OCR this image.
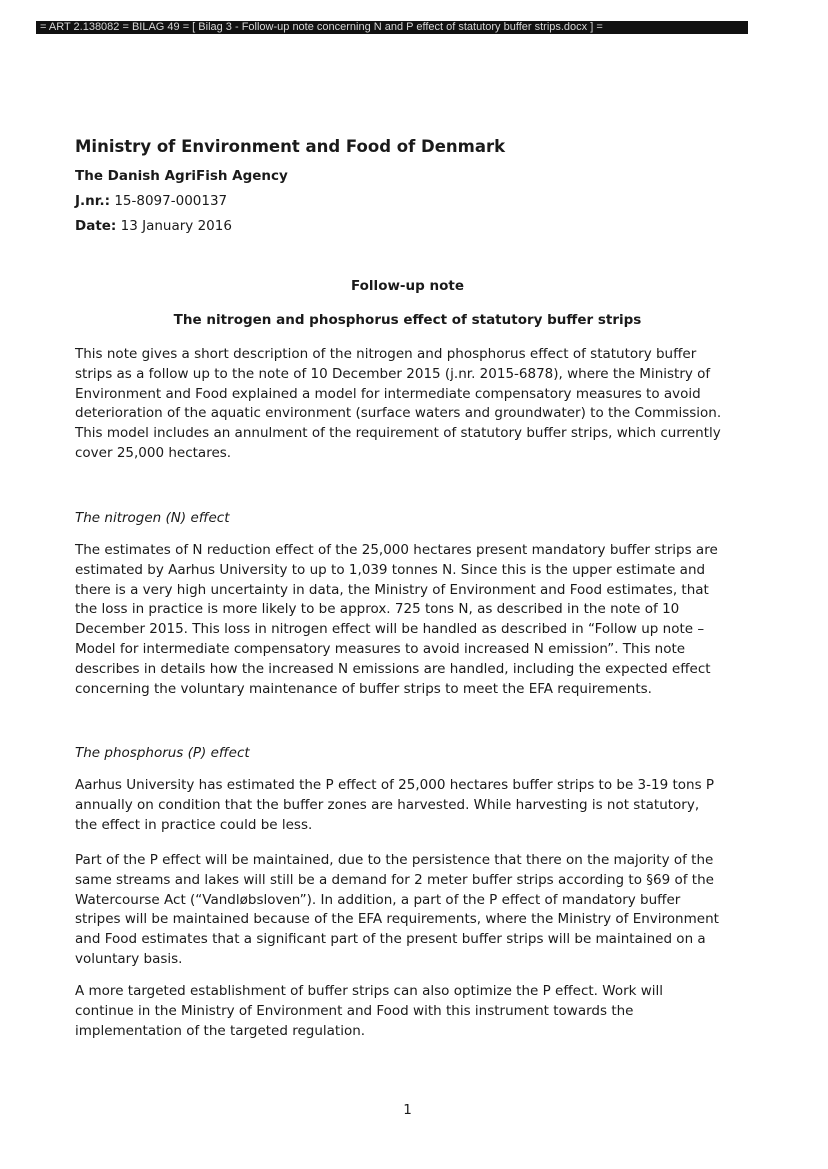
= ART 2.138082 = BILAG 49 = [ Bilag 3 - Follow-up note concerning N and P effect of statutory buffer strips.docx ] =
Ministry of Environment and Food of Denmark
The Danish AgriFish Agency
J.nr.: 15-8097-000137
Date: 13 January 2016
Follow-up note
The nitrogen and phosphorus effect of statutory buffer strips
This note gives a short description of the nitrogen and phosphorus effect of statutory buffer
strips as a follow up to the note of 10 December 2015 (j.nr. 2015-6878), where the Ministry of
Environment and Food explained a model for intermediate compensatory measures to avoid
deterioration of the aquatic environment (surface waters and groundwater) to the Commission.
This model includes an annulment of the requirement of statutory buffer strips, which currently
cover 25,000 hectares.
The nitrogen (N) effect
The estimates of N reduction effect of the 25,000 hectares present mandatory buffer strips are
estimated by Aarhus University to up to 1,039 tonnes N. Since this is the upper estimate and
there is a very high uncertainty in data, the Ministry of Environment and Food estimates, that
the loss in practice is more likely to be approx. 725 tons N, as described in the note of 10
December 2015. This loss in nitrogen effect will be handled as described in “Follow up note –
Model for intermediate compensatory measures to avoid increased N emission”. This note
describes in details how the increased N emissions are handled, including the expected effect
concerning the voluntary maintenance of buffer strips to meet the EFA requirements.
The phosphorus (P) effect
Aarhus University has estimated the P effect of 25,000 hectares buffer strips to be 3-19 tons P
annually on condition that the buffer zones are harvested. While harvesting is not statutory,
the effect in practice could be less.
Part of the P effect will be maintained, due to the persistence that there on the majority of the
same streams and lakes will still be a demand for 2 meter buffer strips according to §69 of the
Watercourse Act (“Vandløbsloven”). In addition, a part of the P effect of mandatory buffer
stripes will be maintained because of the EFA requirements, where the Ministry of Environment
and Food estimates that a significant part of the present buffer strips will be maintained on a
voluntary basis.
A more targeted establishment of buffer strips can also optimize the P effect. Work will
continue in the Ministry of Environment and Food with this instrument towards the
implementation of the targeted regulation.
1
